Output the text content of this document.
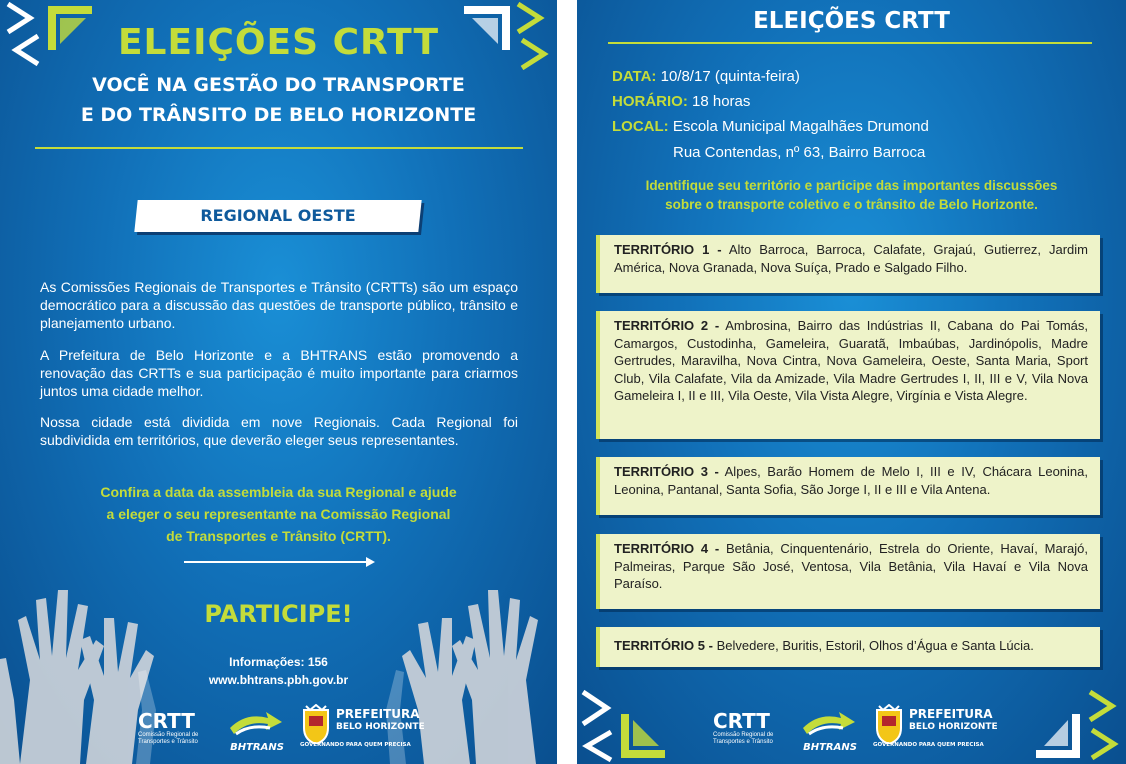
ELEIÇÕES CRTT
VOCÊ NA GESTÃO DO TRANSPORTE
E DO TRÂNSITO DE BELO HORIZONTE
REGIONAL OESTE
As Comissões Regionais de Transportes e Trânsito (CRTTs) são um espaço democrático para a discussão das questões de transporte público, trânsito e planejamento urbano.
A Prefeitura de Belo Horizonte e a BHTRANS estão promovendo a renovação das CRTTs e sua participação é muito importante para criarmos juntos uma cidade melhor.
Nossa cidade está dividida em nove Regionais. Cada Regional foi subdividida em territórios, que deverão eleger seus representantes.
Confira a data da assembleia da sua Regional e ajude
a eleger o seu representante na Comissão Regional
de Transportes e Trânsito (CRTT).
PARTICIPE!
Informações: 156
www.bhtrans.pbh.gov.br
CRTT
Comissão Regional de
Transportes e Trânsito	BHTRANS
PREFEITURA
BELO HORIZONTE
GOVERNANDO PARA QUEM PRECISA
ELEIÇÕES CRTT
DATA: 10/8/17 (quinta-feira)
HORÁRIO: 18 horas
LOCAL: Escola Municipal Magalhães Drumond
Rua Contendas, nº 63, Bairro Barroca
Identifique seu território e participe das importantes discussões
sobre o transporte coletivo e o trânsito de Belo Horizonte.
TERRITÓRIO 1 - Alto Barroca, Barroca, Calafate, Grajaú, Gutierrez, Jardim América, Nova Granada, Nova Suíça, Prado e Salgado Filho.
TERRITÓRIO 2 - Ambrosina, Bairro das Indústrias II, Cabana do Pai Tomás, Camargos, Custodinha, Gameleira, Guaratã, Imbaúbas, Jardinópolis, Madre Gertrudes, Maravilha, Nova Cintra, Nova Gameleira, Oeste, Santa Maria, Sport Club, Vila Calafate, Vila da Amizade, Vila Madre Gertrudes I, II, III e V, Vila Nova Gameleira I, II e III, Vila Oeste, Vila Vista Alegre, Virgínia e Vista Alegre.
TERRITÓRIO 3 - Alpes, Barão Homem de Melo I, III e IV, Chácara Leonina, Leonina, Pantanal, Santa Sofia, São Jorge I, II e III e Vila Antena.
TERRITÓRIO 4 - Betânia, Cinquentenário, Estrela do Oriente, Havaí, Marajó, Palmeiras, Parque São José, Ventosa, Vila Betânia, Vila Havaí e Vila Nova Paraíso.
TERRITÓRIO 5 - Belvedere, Buritis, Estoril, Olhos d’Água e Santa Lúcia.
CRTT
Comissão Regional de
Transportes e Trânsito	BHTRANS
PREFEITURA
BELO HORIZONTE
GOVERNANDO PARA QUEM PRECISA
